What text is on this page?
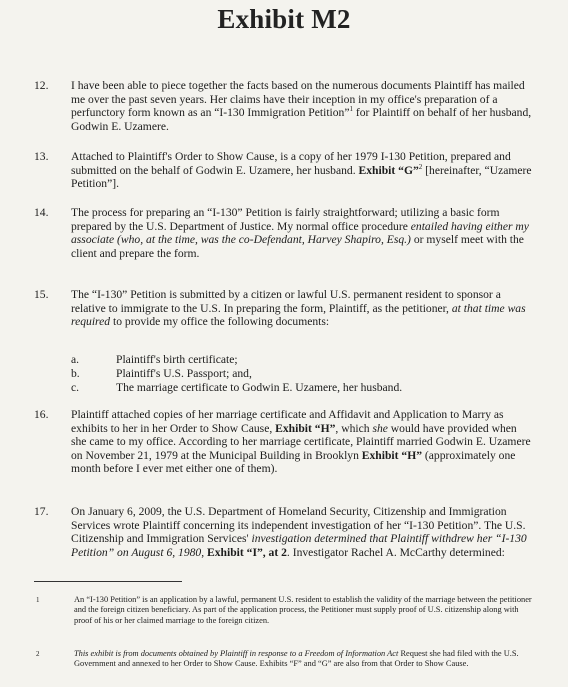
Exhibit M2
12.	I have been able to piece together the facts based on the numerous documents Plaintiff has mailed me over the past seven years. Her claims have their inception in my office's preparation of a perfunctory form known as an “I-130 Immigration Petition”$^1$ for Plaintiff on behalf of her husband, Godwin E. Uzamere.
13.	Attached to Plaintiff's Order to Show Cause, is a copy of her 1979 I-130 Petition, prepared and submitted on the behalf of Godwin E. Uzamere, her husband. Exhibit “G”$^2$ [hereinafter, “Uzamere Petition”].
14.	The process for preparing an “I-130” Petition is fairly straightforward; utilizing a basic form prepared by the U.S. Department of Justice. My normal office procedure entailed having either my associate (who, at the time, was the co-Defendant, Harvey Shapiro, Esq.) or myself meet with the client and prepare the form.
15.	The “I-130” Petition is submitted by a citizen or lawful U.S. permanent resident to sponsor a relative to immigrate to the U.S. In preparing the form, Plaintiff, as the petitioner, at that time was required to provide my office the following documents:
a.	Plaintiff's birth certificate;
b.	Plaintiff's U.S. Passport; and,
c.	The marriage certificate to Godwin E. Uzamere, her husband.
16.	Plaintiff attached copies of her marriage certificate and Affidavit and Application to Marry as exhibits to her in her Order to Show Cause, Exhibit “H”, which she would have provided when she came to my office. According to her marriage certificate, Plaintiff married Godwin E. Uzamere on November 21, 1979 at the Municipal Building in Brooklyn Exhibit “H” (approximately one month before I ever met either one of them).
17.	On January 6, 2009, the U.S. Department of Homeland Security, Citizenship and Immigration Services wrote Plaintiff concerning its independent investigation of her “I-130 Petition”. The U.S. Citizenship and Immigration Services' investigation determined that Plaintiff withdrew her “I-130 Petition” on August 6, 1980, Exhibit “I”, at 2. Investigator Rachel A. McCarthy determined:
1	An “I-130 Petition” is an application by a lawful, permanent U.S. resident to establish the validity of the marriage between the petitioner and the foreign citizen beneficiary. As part of the application process, the Petitioner must supply proof of U.S. citizenship along with proof of his or her claimed marriage to the foreign citizen.
2	This exhibit is from documents obtained by Plaintiff in response to a Freedom of Information Act Request she had filed with the U.S. Government and annexed to her Order to Show Cause. Exhibits “F” and “G” are also from that Order to Show Cause.
